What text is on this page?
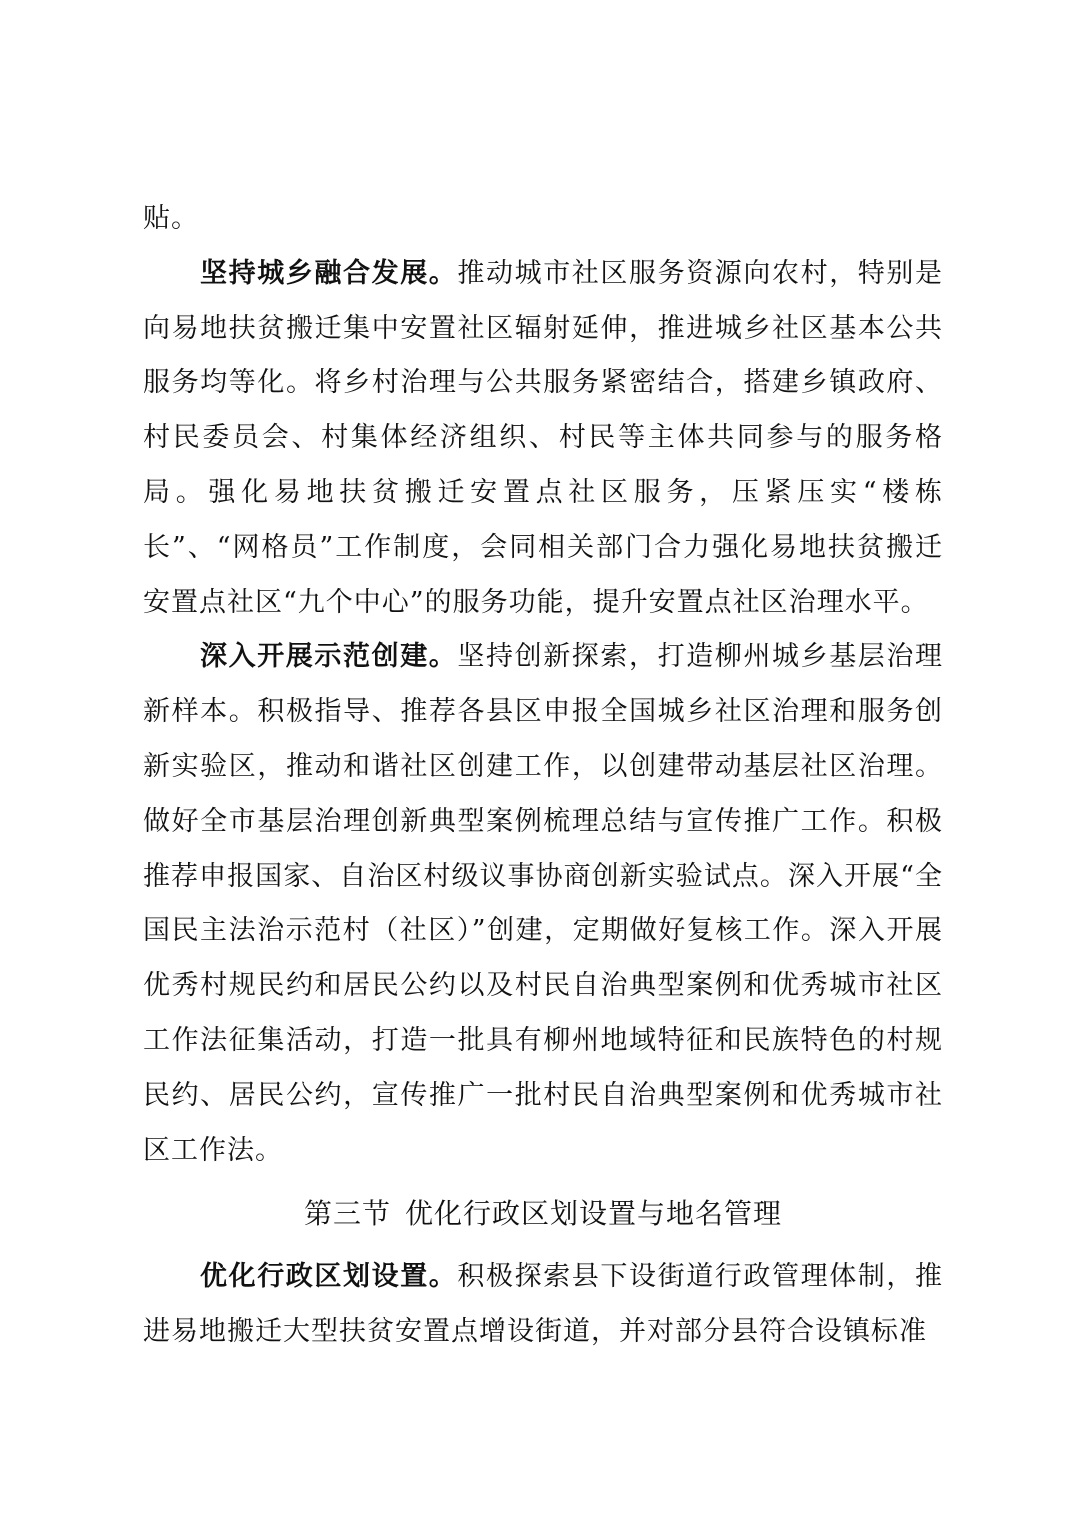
贴。

坚持城乡融合发展。推动城市社区服务资源向农村，特别是向易地扶贫搬迁集中安置社区辐射延伸，推进城乡社区基本公共服务均等化。将乡村治理与公共服务紧密结合，搭建乡镇政府、村民委员会、村集体经济组织、村民等主体共同参与的服务格局。强化易地扶贫搬迁安置点社区服务，压紧压实“楼栋长”、“网格员”工作制度，会同相关部门合力强化易地扶贫搬迁安置点社区“九个中心”的服务功能，提升安置点社区治理水平。

深入开展示范创建。坚持创新探索，打造柳州城乡基层治理新样本。积极指导、推荐各县区申报全国城乡社区治理和服务创新实验区，推动和谐社区创建工作，以创建带动基层社区治理。做好全市基层治理创新典型案例梳理总结与宣传推广工作。积极推荐申报国家、自治区村级议事协商创新实验试点。深入开展“全国民主法治示范村（社区）”创建，定期做好复核工作。深入开展优秀村规民约和居民公约以及村民自治典型案例和优秀城市社区工作法征集活动，打造一批具有柳州地域特征和民族特色的村规民约、居民公约，宣传推广一批村民自治典型案例和优秀城市社区工作法。

第三节 优化行政区划设置与地名管理

优化行政区划设置。积极探索县下设街道行政管理体制，推进易地搬迁大型扶贫安置点增设街道，并对部分县符合设镇标准
